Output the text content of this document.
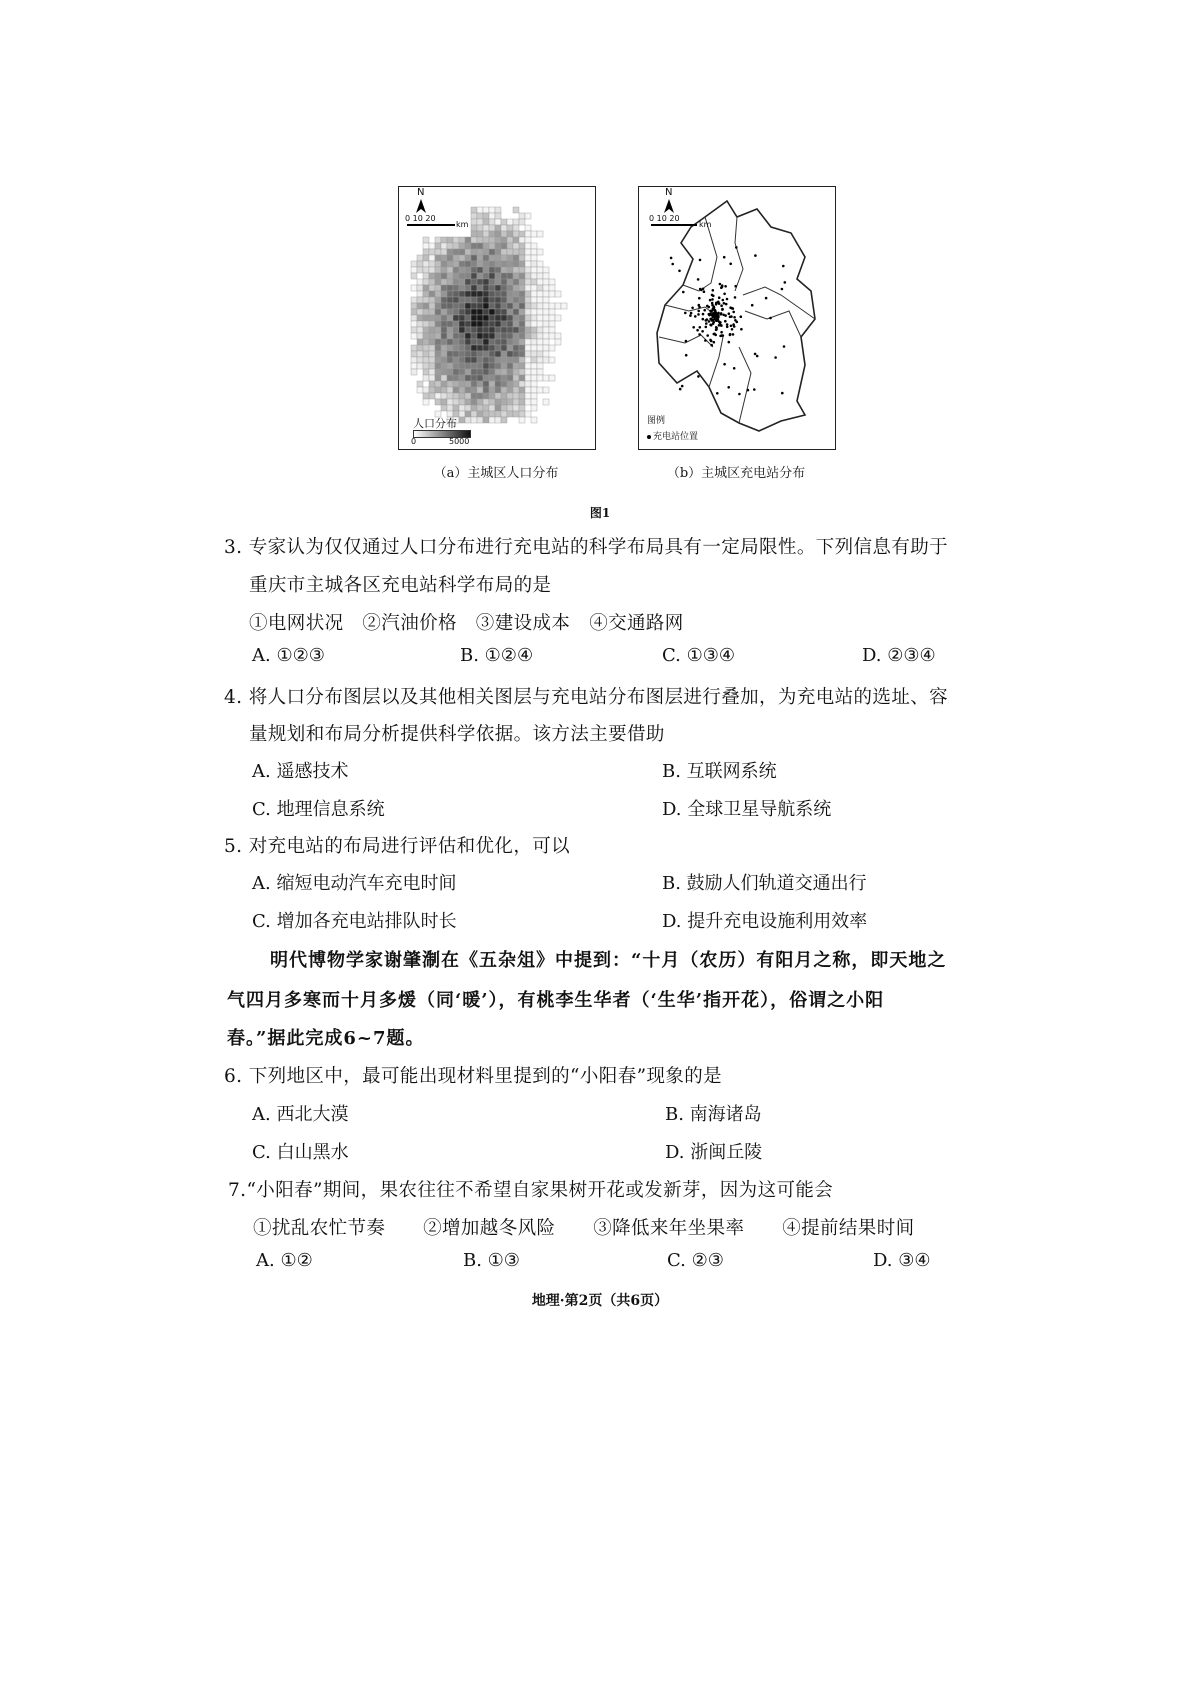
N
0 10 20
km
人口分布
0	5000
（a）主城区人口分布
N
0 10 20
km
图例
充电站位置
（b）主城区充电站分布
图1
3. 专家认为仅仅通过人口分布进行充电站的科学布局具有一定局限性。下列信息有助于
重庆市主城各区充电站科学布局的是
①电网状况　②汽油价格　③建设成本　④交通路网
A. ①②③	B. ①②④	C. ①③④	D. ②③④
4. 将人口分布图层以及其他相关图层与充电站分布图层进行叠加，为充电站的选址、容
量规划和布局分析提供科学依据。该方法主要借助
A. 遥感技术	B. 互联网系统
C. 地理信息系统	D. 全球卫星导航系统
5. 对充电站的布局进行评估和优化，可以
A. 缩短电动汽车充电时间	B. 鼓励人们轨道交通出行
C. 增加各充电站排队时长	D. 提升充电设施利用效率
明代博物学家谢肇淛在《五杂俎》中提到：“十月（农历）有阳月之称，即天地之
气四月多寒而十月多煖（同‘暖’），有桃李生华者（‘生华’指开花），俗谓之小阳
春。”据此完成6~7题。
6. 下列地区中，最可能出现材料里提到的“小阳春”现象的是
A. 西北大漠	B. 南海诸岛
C. 白山黑水	D. 浙闽丘陵
7.“小阳春”期间，果农往往不希望自家果树开花或发新芽，因为这可能会
①扰乱农忙节奏　　②增加越冬风险　　③降低来年坐果率　　④提前结果时间
A. ①②	B. ①③	C. ②③	D. ③④
地理·第2页（共6页）
